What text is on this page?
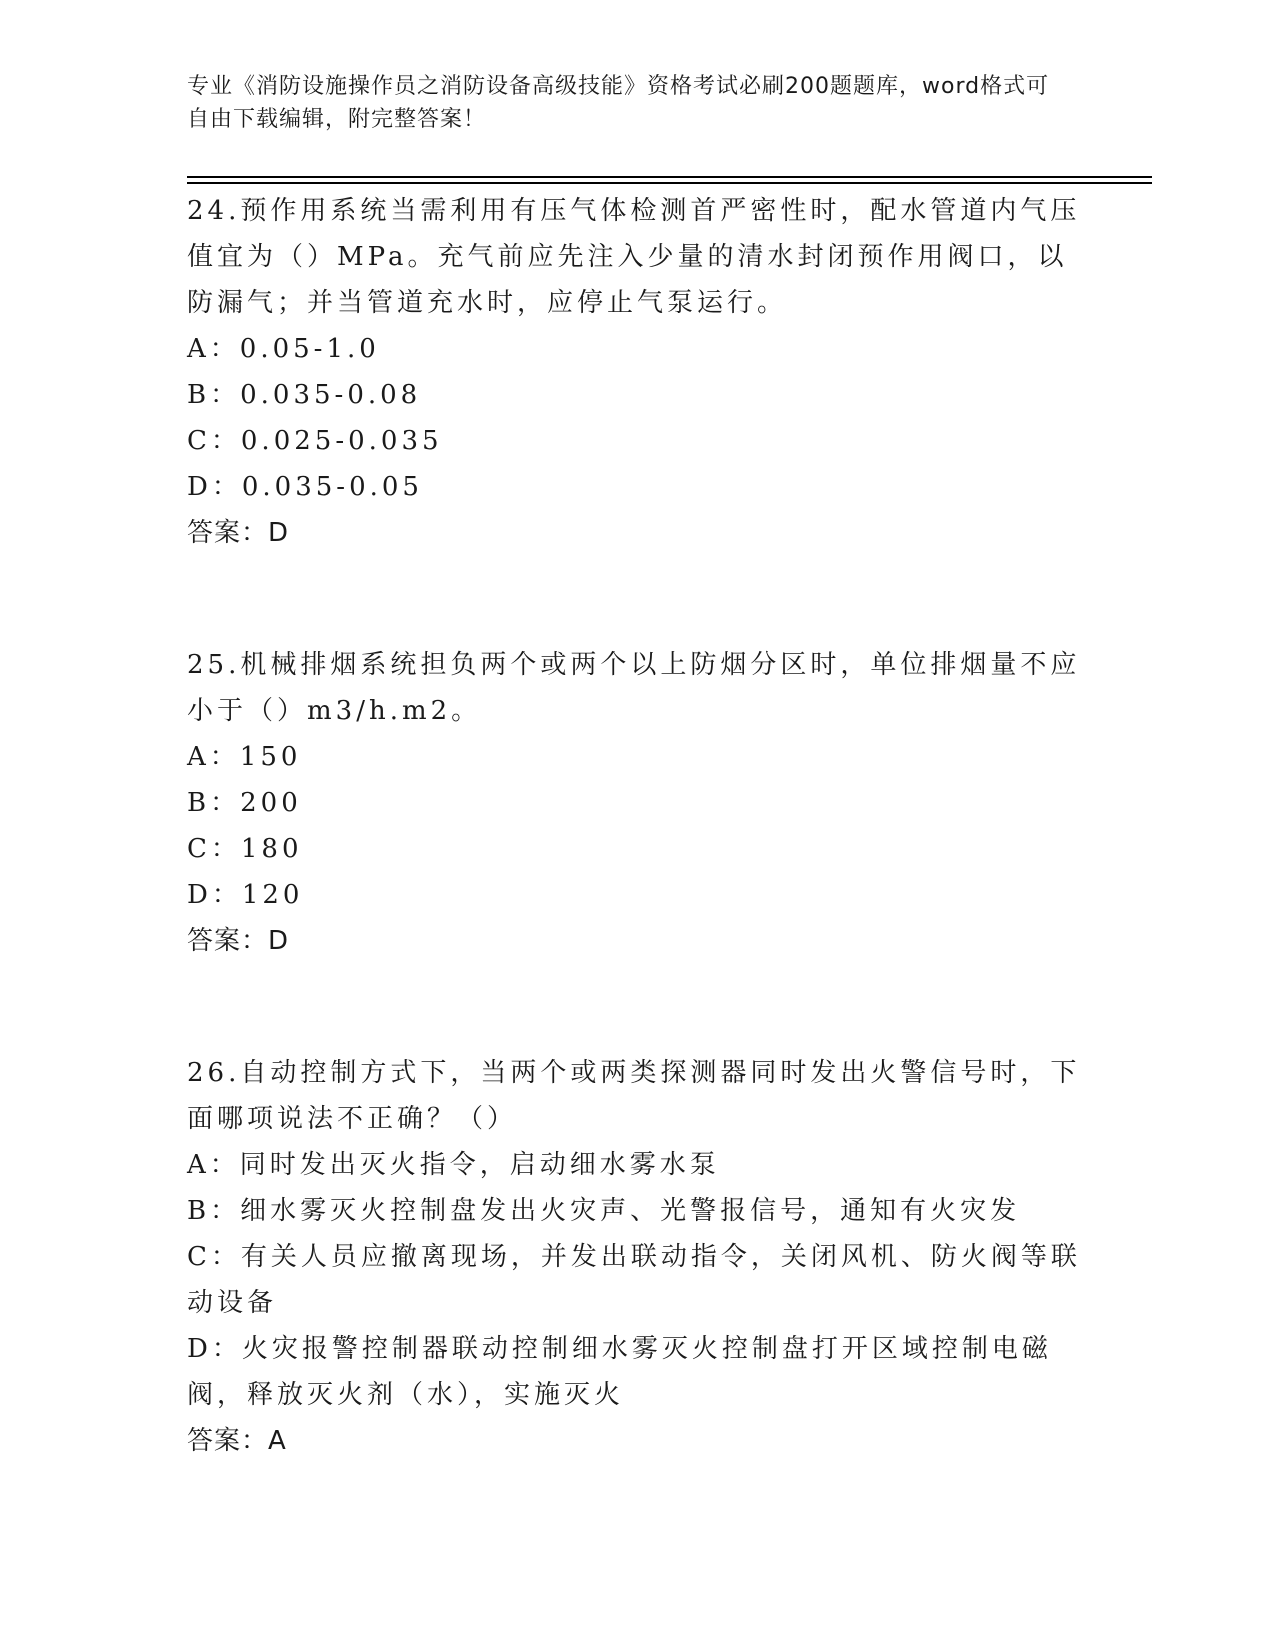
专业《消防设施操作员之消防设备高级技能》资格考试必刷200题题库，word格式可自由下载编辑，附完整答案！

24.预作用系统当需利用有压气体检测首严密性时，配水管道内气压值宜为（）MPa。充气前应先注入少量的清水封闭预作用阀口，以防漏气；并当管道充水时，应停止气泵运行。

A：0.05-1.0

B：0.035-0.08

C：0.025-0.035

D：0.035-0.05

答案：D

25.机械排烟系统担负两个或两个以上防烟分区时，单位排烟量不应小于（）m3/h.m2。

A：150

B：200

C：180

D：120

答案：D

26.自动控制方式下，当两个或两类探测器同时发出火警信号时，下面哪项说法不正确？（）

A：同时发出灭火指令，启动细水雾水泵

B：细水雾灭火控制盘发出火灾声、光警报信号，通知有火灾发

C：有关人员应撤离现场，并发出联动指令，关闭风机、防火阀等联动设备

D：火灾报警控制器联动控制细水雾灭火控制盘打开区域控制电磁阀，释放灭火剂（水），实施灭火

答案：A
